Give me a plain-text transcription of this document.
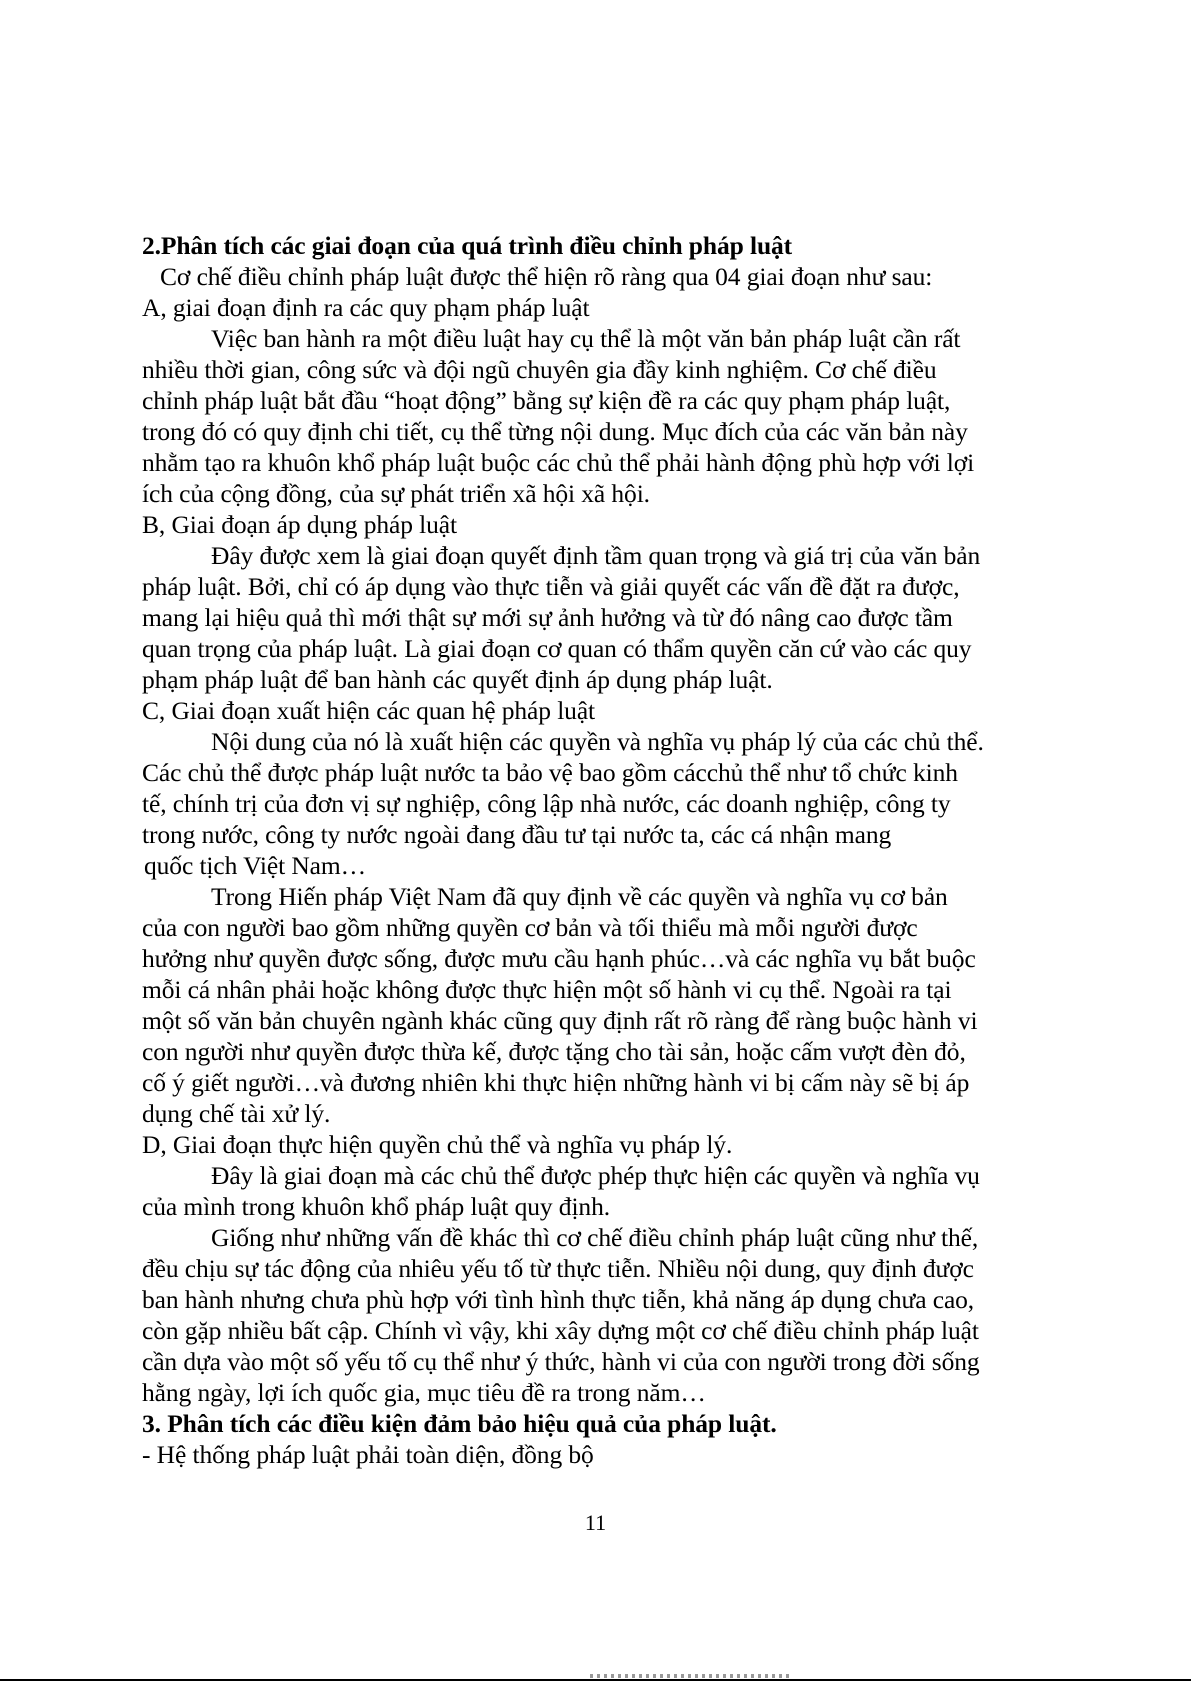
2.Phân tích các giai đoạn của quá trình điều chỉnh pháp luật
Cơ chế điều chỉnh pháp luật được thể hiện rõ ràng qua 04 giai đoạn như sau:
A, giai đoạn định ra các quy phạm pháp luật
Việc ban hành ra một điều luật hay cụ thể là một văn bản pháp luật cần rất
nhiều thời gian, công sức và đội ngũ chuyên gia đầy kinh nghiệm. Cơ chế điều
chỉnh pháp luật bắt đầu “hoạt động” bằng sự kiện đề ra các quy phạm pháp luật,
trong đó có quy định chi tiết, cụ thể từng nội dung. Mục đích của các văn bản này
nhằm tạo ra khuôn khổ pháp luật buộc các chủ thể phải hành động phù hợp với lợi
ích của cộng đồng, của sự phát triển xã hội xã hội.
B, Giai đoạn áp dụng pháp luật
Đây được xem là giai đoạn quyết định tầm quan trọng và giá trị của văn bản
pháp luật. Bởi, chỉ có áp dụng vào thực tiễn và giải quyết các vấn đề đặt ra được,
mang lại hiệu quả thì mới thật sự mới sự ảnh hưởng và từ đó nâng cao được tầm
quan trọng của pháp luật. Là giai đoạn cơ quan có thẩm quyền căn cứ vào các quy
phạm pháp luật để ban hành các quyết định áp dụng pháp luật.
C, Giai đoạn xuất hiện các quan hệ pháp luật
Nội dung của nó là xuất hiện các quyền và nghĩa vụ pháp lý của các chủ thể.
Các chủ thể được pháp luật nước ta bảo vệ bao gồm cácchủ thể như tổ chức kinh
tế, chính trị của đơn vị sự nghiệp, công lập nhà nước, các doanh nghiệp, công ty
trong nước, công ty nước ngoài đang đầu tư tại nước ta, các cá nhận mang
quốc tịch Việt Nam…
Trong Hiến pháp Việt Nam đã quy định về các quyền và nghĩa vụ cơ bản
của con người bao gồm những quyền cơ bản và tối thiểu mà mỗi người được
hưởng như quyền được sống, được mưu cầu hạnh phúc…và các nghĩa vụ bắt buộc
mỗi cá nhân phải hoặc không được thực hiện một số hành vi cụ thể. Ngoài ra tại
một số văn bản chuyên ngành khác cũng quy định rất rõ ràng để ràng buộc hành vi
con người như quyền được thừa kế, được tặng cho tài sản, hoặc cấm vượt đèn đỏ,
cố ý giết người…và đương nhiên khi thực hiện những hành vi bị cấm này sẽ bị áp
dụng chế tài xử lý.
D, Giai đoạn thực hiện quyền chủ thể và nghĩa vụ pháp lý.
Đây là giai đoạn mà các chủ thể được phép thực hiện các quyền và nghĩa vụ
của mình trong khuôn khổ pháp luật quy định.
Giống như những vấn đề khác thì cơ chế điều chỉnh pháp luật cũng như thế,
đều chịu sự tác động của nhiêu yếu tố từ thực tiễn. Nhiều nội dung, quy định được
ban hành nhưng chưa phù hợp với tình hình thực tiễn, khả năng áp dụng chưa cao,
còn gặp nhiều bất cập. Chính vì vậy, khi xây dựng một cơ chế điều chỉnh pháp luật
cần dựa vào một số yếu tố cụ thể như ý thức, hành vi của con người trong đời sống
hằng ngày, lợi ích quốc gia, mục tiêu đề ra trong năm…
3. Phân tích các điều kiện đảm bảo hiệu quả của pháp luật.
- Hệ thống pháp luật phải toàn diện, đồng bộ
11
